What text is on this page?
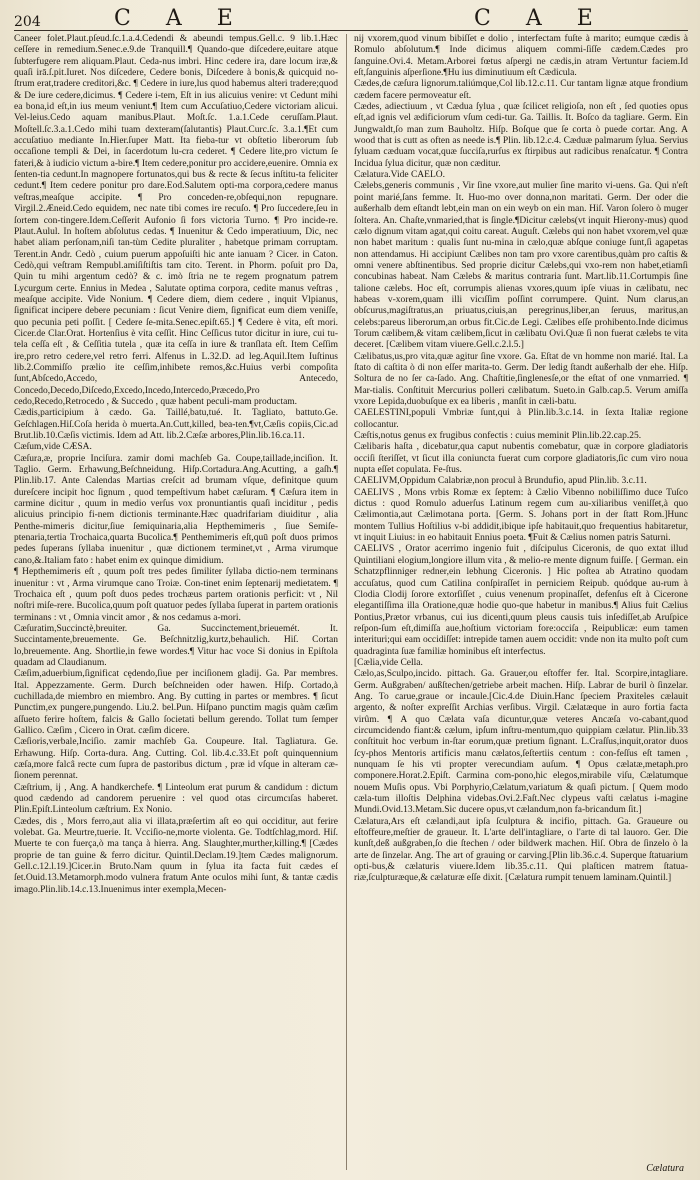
204	C A E	C A E

Caneer folet.Plaut.pſeud.ſc.1.a.4.Cedendi & abeundi tempus.Gell.c. 9 lib.1.Hæc ceſſere in remedium.Senec.e.9.de Tranquill.¶ Quando-que diſcedere,euitare atque ſubterfugere rem aliquam.Plaut. Ceda-nus imbri. Hinc cedere ira, dare locum iræ,& quaſi irā.ſ.pit.Iuret. Nos diſcedere, Cedere bonis, Diſcedere à bonis,& quicquid no-ſtrum erat,tradere creditori,&c. ¶ Cedere in iure,lus quod habemus alteri tradere;quod & De iure cedere,dicimus. ¶ Cedere i-tem, Eſt in ius alicuius venire: vt Cedunt mihi ea bona,id eſt,in ius meum veniunt.¶ Item cum Accuſatiuo,Cedere victoriam alicui. Vel-leius.Cedo aquam manibus.Plaut. Moſt.ſc. 1.a.1.Cede ceruſſam.Plaut. Moſtell.ſc.3.a.1.Cedo mihi tuam dexteram(ſalutantis) Plaut.Curc.ſc. 3.a.1.¶Et cum accuſatiuo mediante In.Hier.ſuper Matt. Ita fieba-tur vt obſtetio liberorum ſub occaſione templi & Dei, in ſacerdotum lu-cra cederet. ¶ Cedere lite,pro victum ſe fateri,& à iudicio victum a-bire.¶ Item cedere,ponitur pro accidere,euenire. Omnia ex ſenten-tia cedunt.In magnopere fortunatos,qui bus & recte & ſecus inſtitu-ta feliciter cedunt.¶ Item cedere ponitur pro dare.Eod.Salutem opti-ma corpora,cedere manus veſtras,meaſque accipite. ¶ Pro conceden-re,obſequi,non repugnare. Virgil.2.Æneid.Cedo equidem, nec nate tibi comes ire recuſo. ¶ Pro ſuccedere,ſeu in ſortem con-tingere.Idem.Ceſſerit Aufonio ſi fors victoria Turno. ¶ Pro incide-re. Plaut.Aulul. In hoſtem abſolutus cedas. ¶ Inuenitur & Cedo imperatiuum, Dic, nec habet aliam perſonam,niſi tan-tùm Cedite pluraliter , habetque primam corruptam. Terent.in Andr. Cedò , cuium puerum appoſuiſti hic ante ianuam ? Cicer. in Caton. Cedò,qui veſtram Rempubl.amiſiſtiſtis tam cito. Terent. in Phorm. poſuit pro Da, Quin tu mihi argentum cedò? & c. imò ſtria ne te regem prognatum patrem Lycurgum certe. Ennius in Medea , Salutate optima corpora, cedite manus veſtras , meaſque accipite. Vide Nonium. ¶ Cedere diem, diem cedere , inquit Vlpianus, ſignificat incipere debere pecuniam : ſicut Venire diem, ſignificat eum diem veniſſe, quo pecunia peti poſſit. [ Cedere ſe-mita.Senec.epiſt.65.] ¶ Cedere è vita, eſt mori. Cicer.de Clar.Orat. Hortenſius è vita ceſſit. Hinc Ceſſicus tutor dicitur in iure, cui tu-tela ceſſa eſt , & Ceſſitia tutela , quæ ita ceſſa in iure & tranſlata eſt. Item Ceſſim ire,pro retro cedere,vel retro ferri. Alfenus in L.32.D. ad leg.Aquil.Item Iuſtinus lib.2.Commiſſo prælio ite ceſſim,inhibete remos,&c.Huius verbi compoſita ſunt,Abſcedo,Accedo, Antecedo, Concedo,Decedo,Diſcedo,Excedo,Incedo,Intercedo,Præcedo,Pro cedo,Recedo,Retrocedo , & Succedo , quæ habent peculi-mam productam.

Cædis,participium à cædo. Ga. Taillé,batu,tué. It. Tagliato, battuto.Ge. Geſchlagen.Hiſ.Coſa herida ò muerta.An.Cutt,killed, bea-ten.¶vt,Cæſis copiis,Cic.ad Brut.lib.10.Cæſis victimis. Idem ad Att. lib.2.Cæſæ arbores,Plin.lib.16.ca.11.

Cæſum,vide CÆSA.

Cæſura,æ, proprie Inciſura. zamir domi machſeb Ga. Coupe,taillade,inciſion. It. Taglio. Germ. Erhawung,Beſchneidung. Hiſp.Cortadura.Ang.Acutting, a gaſh.¶ Plin.lib.17. Ante Calendas Martias creſcit ad brumam vſque, definitque quum dureſcere incipit hoc ſignum , quod tempeſtivum habet cæſuram. ¶ Cæſura item in carmine dicitur , quum in medio verſus vox pronuntiantis quaſi inciditur , pedis alicuius principio fi-nem dictionis terminante.Hæc quadrifariam diuiditur , alia Penthe-mimeris dicitur,ſiue ſemiquinaria,alia Hepthemimeris , ſiue Semiſe-ptenaria,tertia Trochaica,quarta Bucolica.¶ Penthemimeris eſt,quū poſt duos primos pedes ſuperans ſyllaba inuenitur , quæ dictionem terminet,vt , Arma virumque cano,&.Italiam fato : habet enim ex quinque dimidium.

¶ Hepthemimeris eſt , quum poſt tres pedes ſimiliter ſyllaba dictio-nem terminans inuenitur : vt , Arma virumque cano Troiæ. Con-tinet enim ſeptenarij medietatem. ¶ Trochaica eſt , quum poſt duos pedes trochæus partem orationis perficit: vt , Nil noſtri miſe-rere. Bucolica,quum poſt quatuor pedes ſyllaba ſuperat in partem orationis terminans : vt , Omnia vincit amor , & nos cedamus a-mori.

Cæſuratim,Succinctè,breuiter. Ga. Succinctement,brieuemét. It. Succintamente,breuemente. Ge. Beſchnitzlig,kurtz,behaulich. Hiſ. Cortan lo,breuemente. Ang. Shortlie,in fewe wordes.¶ Vitur hac voce Si donius in Epiſtola quadam ad Claudianum.

Cæſim,aduerbium,ſignificat cędendo,ſiue per inciſionem gladij. Ga. Par membres. Ital. Appezzamente. Germ. Durch beſchneiden oder hawen. Hiſp. Cortado,à cuchillada,de miembro en miembro. Ang. By cutting in partes or membres. ¶ ſicut Punctim,ex pungere,pungendo. Liu.2. bel.Pun. Hiſpano punctim magis quàm cæſim aſſueto ferire hoſtem, falcis & Gallo ſocietati bellum gerendo. Tollat tum ſemper Gallico. Cæſim , Cicero in Orat. cæſim dicere.

Cæſioris,verbale,Inciſio. zamir machſeb Ga. Coupeure. Ital. Tagliatura. Ge. Erhawung. Hiſp. Corta-dura. Ang. Cutting. Col. lib.4.c.33.Et poſt quinquennium cæſa,more falcâ recte cum ſupra de pastoribus dictum , præ id vſque in alteram cæ-ſionem perennat.

Cæſtrium, ij , Ang. A handkerchefe. ¶ Linteolum erat purum & candidum : dictum quod cædendo ad candorem peruenire : vel quod otas circumcıſas haberet. Plin.Epiſt.Linteolum cæſtrium. Ex Nonio.

Cædes, dis , Mors ferro,aut alia vi illata,præſertim aſt eo qui occiditur, aut ferire volebat. Ga. Meurtre,tuerie. It. Vcciſio-ne,morte violenta. Ge. Todtſchlag,mord. Hiſ. Muerte te con fuerça,ò ma tança à hierra. Ang. Slaughter,murther,killing.¶ [Cædes proprie de tan guine & ferro dicitur. Quintil.Declam.19.]tem Cædes malignorum. Gell.c.12.l.19.]Cicer.in Bruto.Nam quum in ſylua ita facta fuit cædes eſ ſet.Ouid.13.Metamorph.modo vulnera fratum Ante oculos mihi ſunt, & tantæ cædis imago.Plin.lib.14.c.13.Inuenimus inter exempla,Mecen-

nij vxorem,quod vinum bibiſſet e dolio , interfectam fuſte à marito; eumque cædis à Romulo abſolutum.¶ Inde dicimus aliquem commi-ſiſſe cædem.Cædes pro ſanguine.Ovi.4. Metam.Arborei fœtus aſpergi ne cædis,in atram Vertuntur faciem.Id eſt,ſanguinis aſperſione.¶Hu ius diminutiuum eſt Cædicula.

Cædes,de cæſura lignorum.taliúmque,Col lib.12.c.11. Cur tantam lignæ atque frondium cædem facere permoveatur eſt.

Cædes, adiectiuum , vt Cædua ſylua , quæ ſcilicet religioſa, non eſt , ſed quoties opus eſt,ad ignis vel ædificiorum vſum cedi-tur. Ga. Taillis. It. Boſco da tagliare. Germ. Ein Jungwaldt,ſo man zum Bauholtz. Hiſp. Boſque que ſe corta ò puede cortar. Ang. A wood that is cutt as often as neede is.¶ Plin. lib.12.c.4. Cæduæ palmarum ſylua. Servius ſyluam cæduam vocat,quæ ſucciſa,rurſus ex ſtirpibus aut radicibus renaſcatur. ¶ Contra Incidua ſylua dicitur, quæ non cæditur.

Cælatura.Vide CAELO.

Cælebs,generis communis , Vir ſine vxore,aut mulier ſine marito vi-uens. Ga. Qui n'eſt point marié,ſans femme. It. Huo-mo over donna,non maritati. Germ. Der oder die außerhalb dem eſtandt lebt,ein man on ein weyb on ein man. Hiſ. Varon ſolero ò muger ſoltera. An. Chaſte,vnmaried,that is ſingle.¶Dicitur cælebs(vt inquit Hierony-mus) quod cælo dignum vitam agat,qui coitu careat. Auguſt. Cælebs qui non habet vxorem,vel quæ non habet maritum : qualis ſunt nu-mina in cælo,quæ abſque coniuge ſunt,ſi agapetas non attendamus. Hi accipiunt Cælibes non tam pro vxore carentibus,quàm pro caſtis & omni venere abſtinentibus. Sed proprie dicitur Cælebs,qui vxo-rem non habet,etiamſi concubinas habeat. Nam Cælebs & maritus contraria ſunt. Mart.lib.11.Cortumpis ſine talione cælebs. Hoc eſt, corrumpis alienas vxores,quum ipſe viuas in cælibatu, nec habeas v-xorem,quam illi vicıſſim poſſint corrumpere. Quint. Num clarus,an obſcurus,magiſtratus,an priuatus,ciuis,an peregrinus,liber,an ſeruus, maritus,an celebs:pareus liberorum,an orbus fit.Cic.de Legi. Cælibes eſſe prohibento.Inde dicimus Torum cælibem,& vitam cælibem,ſicut in cælibatu Ovi.Quæ ſi non fuerat cælebs te vita deceret. [Cælibem vitam viuere.Gell.c.2.l.5.]

Cælibatus,us,pro vita,quæ agitur ſine vxore. Ga. Eſtat de vn homme non marié. Ital. La ſtato di caſtita ò di non eſſer marita-to. Germ. Der ledig ſtandt außerhalb der ehe. Hiſp. Soltura de no ſer ca-ſado. Ang. Chaſtitie,ſinglenesſe,or the eſtat of one vnmarried. ¶ Mar-tialis. Conſtituit Mercurius polleri cælibatum. Sueto.in Galb.cap.5. Verum amiſſa vxore Lepida,duobuſque ex ea liberis , manſit in cæli-batu.

CAELESTINI,populi Vmbriæ ſunt,qui à Plin.lib.3.c.14. in ſexta Italiæ regione collocantur.

Cæſtis,notus genus ex frugibus confectis : cuius meminit Plin.lib.22.cap.25.

Cælibaris haſta , dicebatur,qua caput nubentis comebatur, quæ in corpore gladiatoris occiſi ſteriſſet, vt ſicut illa coniuncta fuerat cum corpore gladiatoris,ſic cum viro noua nupta eſſet copulata. Fe-ſtus.

CAELIVM,Oppidum Calabriæ,non procul à Brundufio, apud Plin.lib. 3.c.11.

CAELIVS , Mons vrbis Romæ ex ſeptem: à Cælio Vibenno nobiliſſimo duce Tuſco dictus : quod Romulo aduerſus Latinum regem cum au-xiliaribus veniſſet,à quo Cælimontia,aut Cælimotana porta. [Germ. S. Johans port in der ſtatt Rom.]Hunc montem Tullius Hoſtilius v-bi addidit,ibique ipſe habitauit,quo frequentius habitaretur, vt inquit Liuius: in eo habitauit Ennius poeta. ¶Fuit & Cælius nomen patris Saturni.

CAELIVS , Orator acerrimo ingenio fuit , diſcipulus Ciceronis, de quo extat illud Quintiliani elogium,longiore illum vita , & melio-re mente dignum fuiſſe. [ German. ein Schatzpflinniger redner,ein lebhung Ciceronis. ] Hic poſtea ab Atratino quodam accuſatus, quod cum Catilina conſpiraſſet in perniciem Reipub. quódque au-rum à Clodia Clodij ſorore extorſiſſet , cuius venenum propinaſſet, defenſus eſt à Cicerone elegantiſſima illa Oratione,quæ hodie quo-que habetur in manibus.¶ Alius fuit Cælius Pontius,Prætor vrbanus, cui ius dicenti,quum pleus causis tuis inſediſſet,ab Aruſpice reſpon-ſum eſt,dimiſſa aue,hoſtium victoriam fore:occiſa , Reipublicæ: eum tamen interituri;qui eam occidiſſet: intrepide tamen auem occidit: vnde non ita multo poſt cum quadraginta ſuæ familiæ hominibus eſt interfectus.

[Cælia,vide Cella.

Cælo,as,Sculpo,incido. pittach. Ga. Grauer,ou eſtoffer fer. Ital. Scorpire,intagliare. Germ. Außgraben/ außſtechen/getriebe arbeit machen. Hiſp. Labrar de buril ò ſinzelar. Ang. To carue,graue or incaule.[Cic.4.de Diuin.Hanc ſpeciem Praxiteles cælauit argento, & noſter expreſſit Archias verſibus. Virgil. Cælatæque in auro fortia facta virûm. ¶ A quo Cælata vaſa dicuntur,quæ veteres Ancæſa vo-cabant,quod circumcidendo fiant:& cælum, ipſum inſtru-mentum,quo quippiam cælatur. Plin.lib.33 conſtituit hoc verbum in-ſtar eorum,quæ pretium ſignant. L.Craſſus,inquit,orator duos ſcy-phos Mentoris artificis manu cælatos,ſeſtertiis centum : con-feſſus eſt tamen , nunquam ſe his vti propter verecundiam auſum. ¶ Opus cælatæ,metaph.pro componere.Horat.2.Epiſt. Carmina com-pono,hic elegos,mirabile viſu, Cælatumque nouem Muſis opus. Vbi Porphyrio,Cælatum,variatum & quaſi pictum. [ Quem modo cæla-tum illoſtis Delphina videbas.Ovi.2.Faſt.Nec clypeus vaſti cælatus i-magine Mundi.Ovid.13.Metam.Sic ducere opus,vt cælandum,non fa-bricandum ſit.]

Cælatura,Ars eſt cælandi,aut ipſa ſculptura & incifio, pittach. Ga. Graueure ou eſtoffeure,meſtier de graueur. It. L'arte dell'intagliare, o l'arte di tal lauoro. Ger. Die kunſt,deß außgraben,ſo die ſtechen / oder bildwerk machen. Hiſ. Obra de ſinzelo ò la arte de ſinzelar. Ang. The art of grauing or carving.[Plin lib.36.c.4. Superque ſtatuarium opti-bus,& cælaturis viuere.Idem lib.35.c.11. Qui plaſticen matrem ſtatua-riæ,ſculpturæque,& cælaturæ eſſe dixit. [Cælatura rumpit tenuem laminam.Quintil.]

Cælatura
